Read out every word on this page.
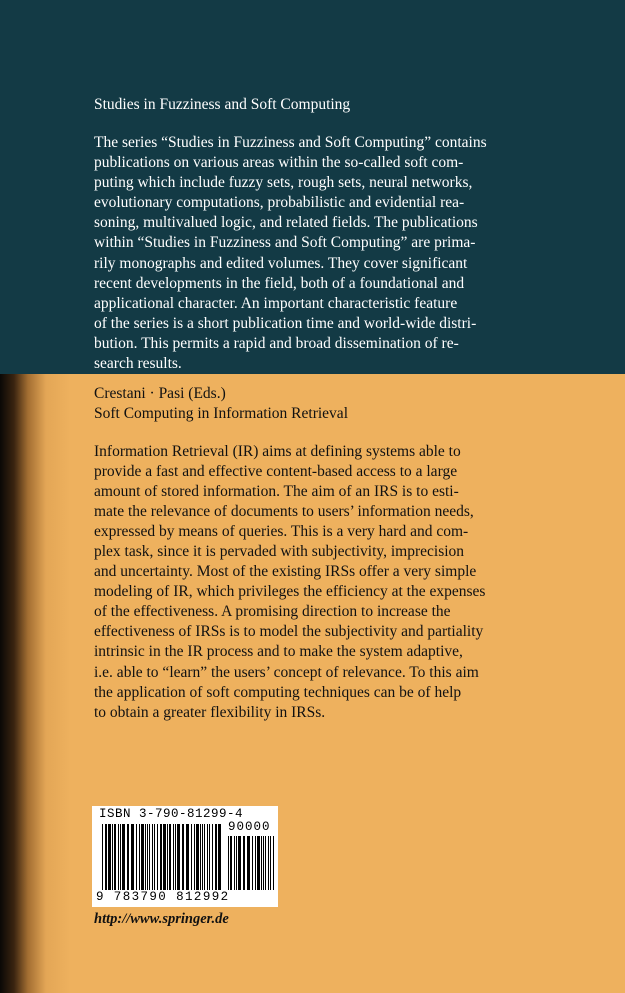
Studies in Fuzziness and Soft Computing

The series “Studies in Fuzziness and Soft Computing” contains
publications on various areas within the so-called soft com-
puting which include fuzzy sets, rough sets, neural networks,
evolutionary computations, probabilistic and evidential rea-
soning, multivalued logic, and related fields. The publications
within “Studies in Fuzziness and Soft Computing” are prima-
rily monographs and edited volumes. They cover significant
recent developments in the field, both of a foundational and
applicational character. An important characteristic feature
of the series is a short publication time and world-wide distri-
bution. This permits a rapid and broad dissemination of re-
search results.

Crestani · Pasi (Eds.)
Soft Computing in Information Retrieval

Information Retrieval (IR) aims at defining systems able to
provide a fast and effective content-based access to a large
amount of stored information. The aim of an IRS is to esti-
mate the relevance of documents to users’ information needs,
expressed by means of queries. This is a very hard and com-
plex task, since it is pervaded with subjectivity, imprecision
and uncertainty. Most of the existing IRSs offer a very simple
modeling of IR, which privileges the efficiency at the expenses
of the effectiveness. A promising direction to increase the
effectiveness of IRSs is to model the subjectivity and partiality
intrinsic in the IR process and to make the system adaptive,
i.e. able to “learn” the users’ concept of relevance. To this aim
the application of soft computing techniques can be of help
to obtain a greater flexibility in IRSs.

ISBN 3-790-81299-4
90000
9 783790 812992
http://www.springer.de
